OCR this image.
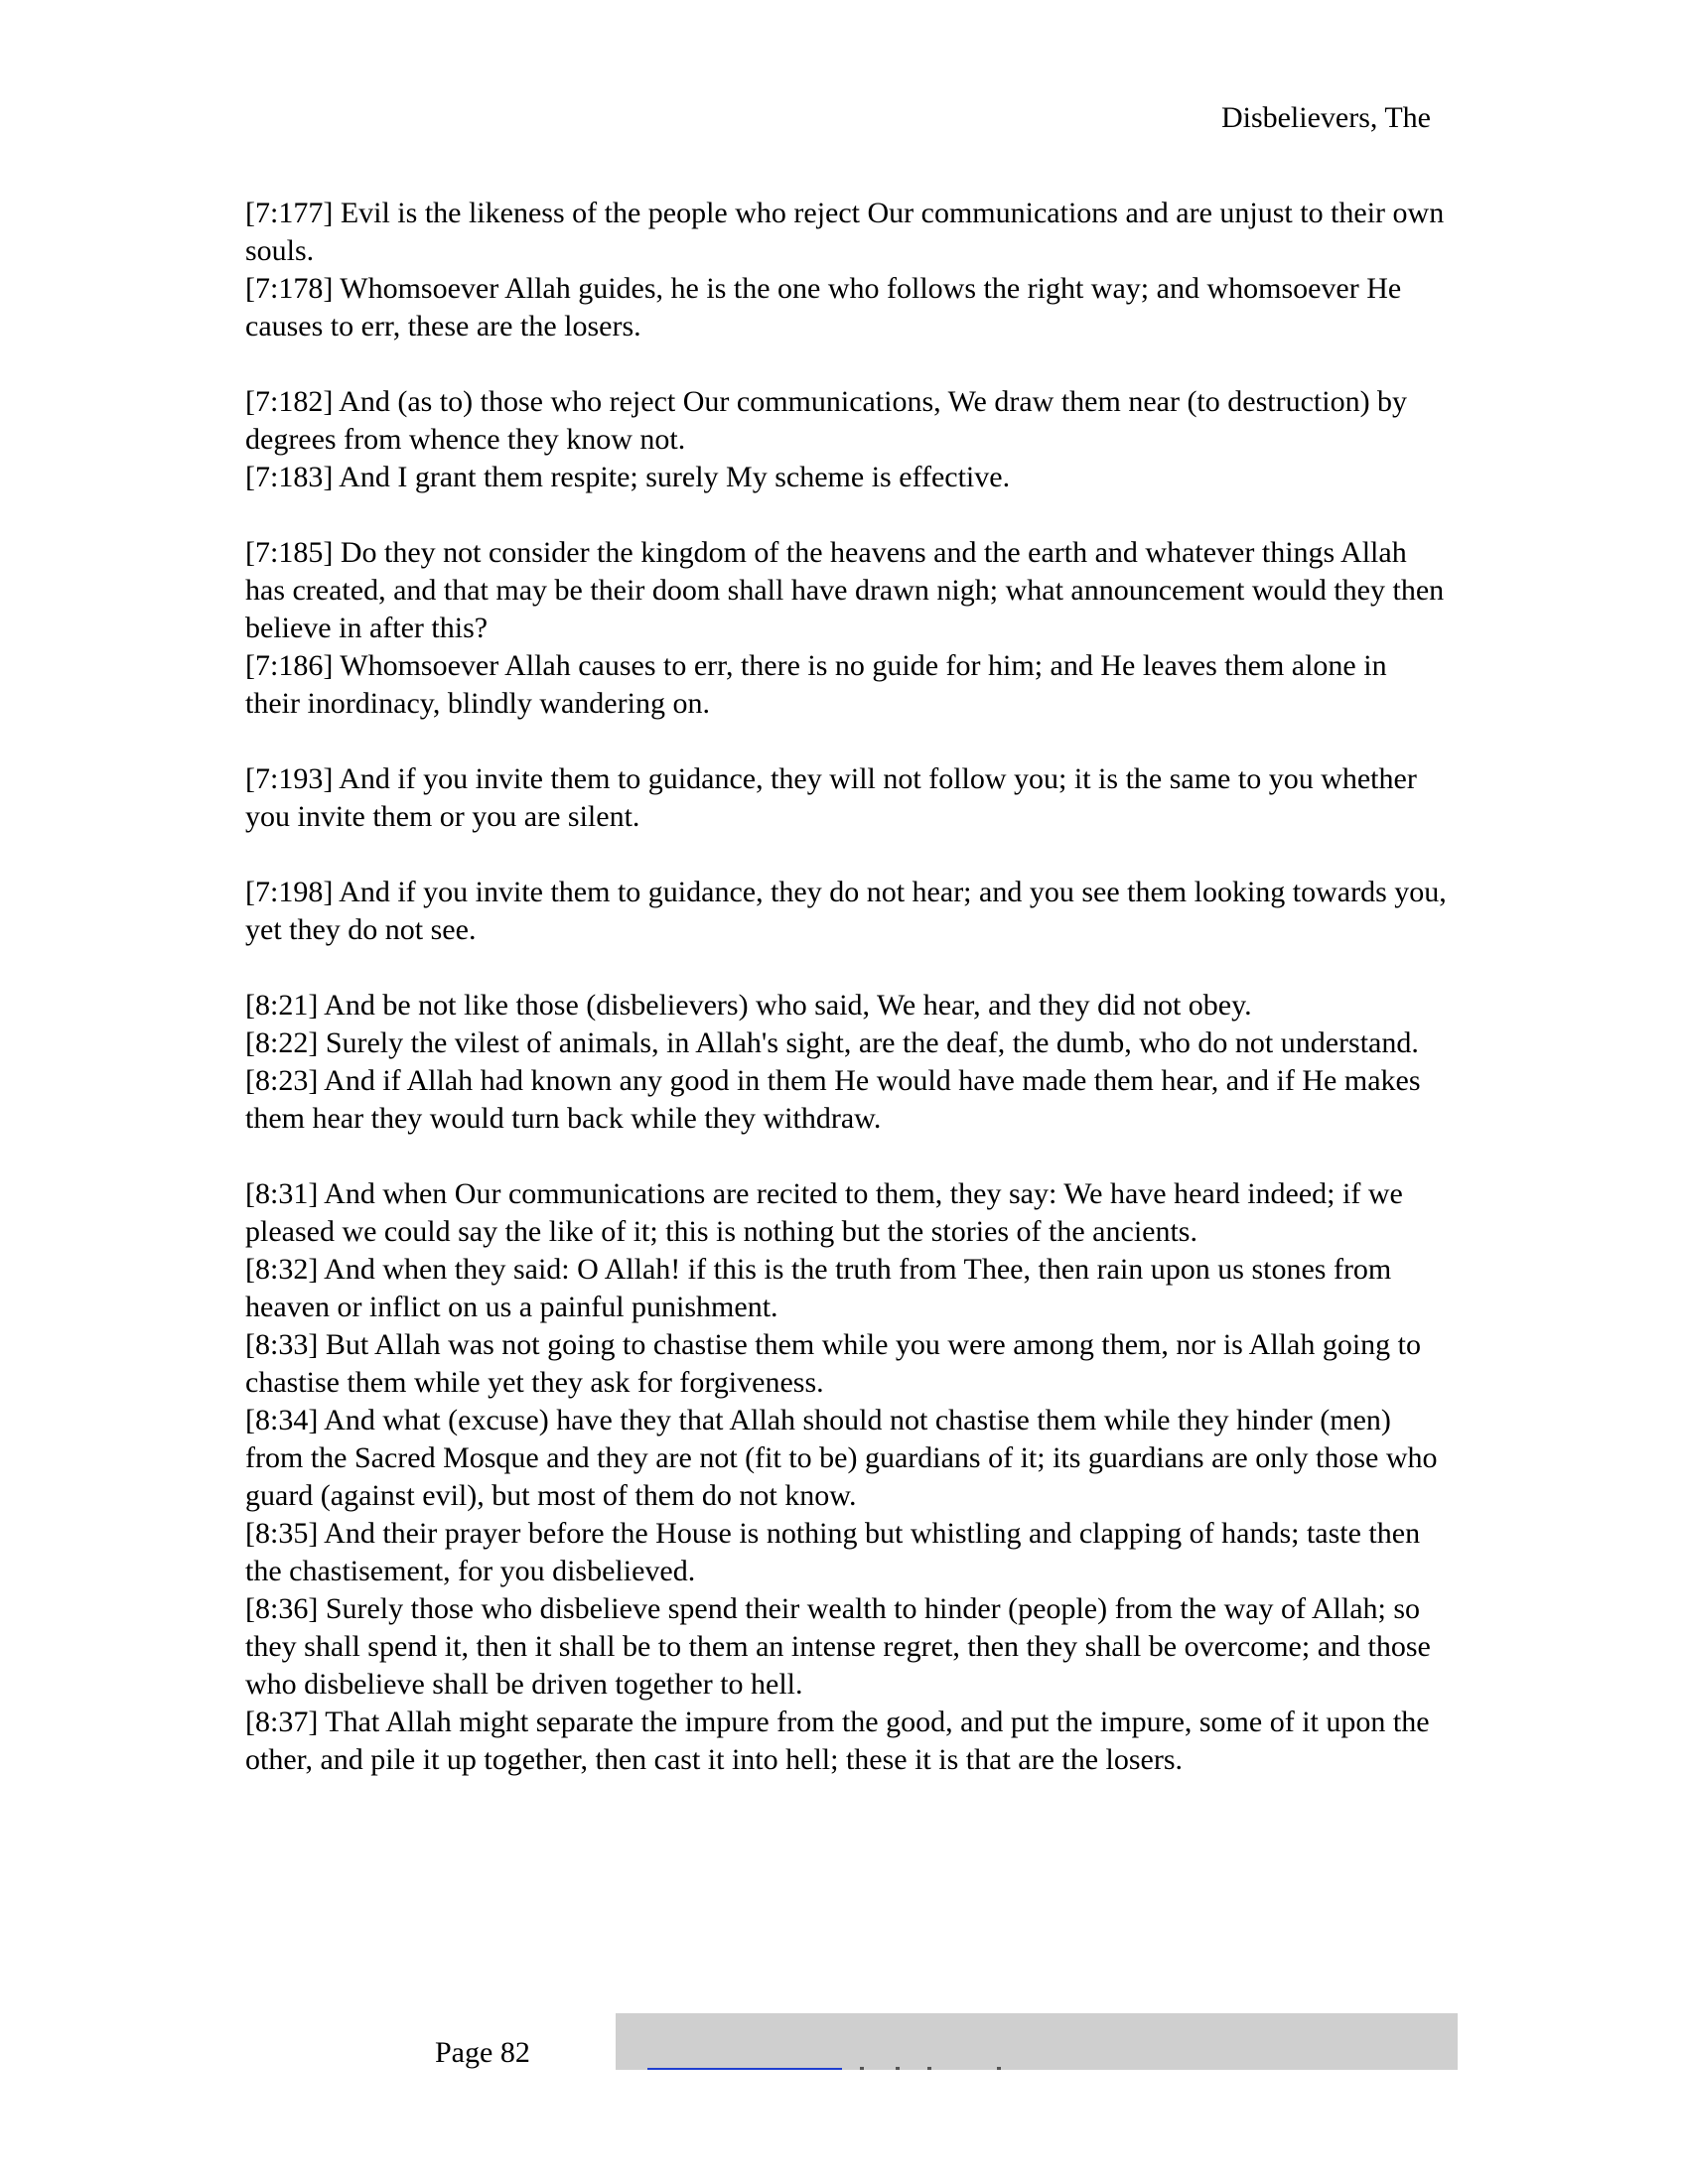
Disbelievers, The

[7:177] Evil is the likeness of the people who reject Our communications and are unjust to their own souls.

[7:178] Whomsoever Allah guides, he is the one who follows the right way; and whomsoever He causes to err, these are the losers.

[7:182] And (as to) those who reject Our communications, We draw them near (to destruction) by degrees from whence they know not.

[7:183] And I grant them respite; surely My scheme is effective.

[7:185] Do they not consider the kingdom of the heavens and the earth and whatever things Allah has created, and that may be their doom shall have drawn nigh; what announcement would they then believe in after this?

[7:186] Whomsoever Allah causes to err, there is no guide for him; and He leaves them alone in their inordinacy, blindly wandering on.

[7:193] And if you invite them to guidance, they will not follow you; it is the same to you whether you invite them or you are silent.

[7:198] And if you invite them to guidance, they do not hear; and you see them looking towards you, yet they do not see.

[8:21] And be not like those (disbelievers) who said, We hear, and they did not obey.

[8:22] Surely the vilest of animals, in Allah's sight, are the deaf, the dumb, who do not understand.

[8:23] And if Allah had known any good in them He would have made them hear, and if He makes them hear they would turn back while they withdraw.

[8:31] And when Our communications are recited to them, they say: We have heard indeed; if we pleased we could say the like of it; this is nothing but the stories of the ancients.

[8:32] And when they said: O Allah! if this is the truth from Thee, then rain upon us stones from heaven or inflict on us a painful punishment.

[8:33] But Allah was not going to chastise them while you were among them, nor is Allah going to chastise them while yet they ask for forgiveness.

[8:34] And what (excuse) have they that Allah should not chastise them while they hinder (men) from the Sacred Mosque and they are not (fit to be) guardians of it; its guardians are only those who guard (against evil), but most of them do not know.

[8:35] And their prayer before the House is nothing but whistling and clapping of hands; taste then the chastisement, for you disbelieved.

[8:36] Surely those who disbelieve spend their wealth to hinder (people) from the way of Allah; so they shall spend it, then it shall be to them an intense regret, then they shall be overcome; and those who disbelieve shall be driven together to hell.

[8:37] That Allah might separate the impure from the good, and put the impure, some of it upon the other, and pile it up together, then cast it into hell; these it is that are the losers.

Page 82
